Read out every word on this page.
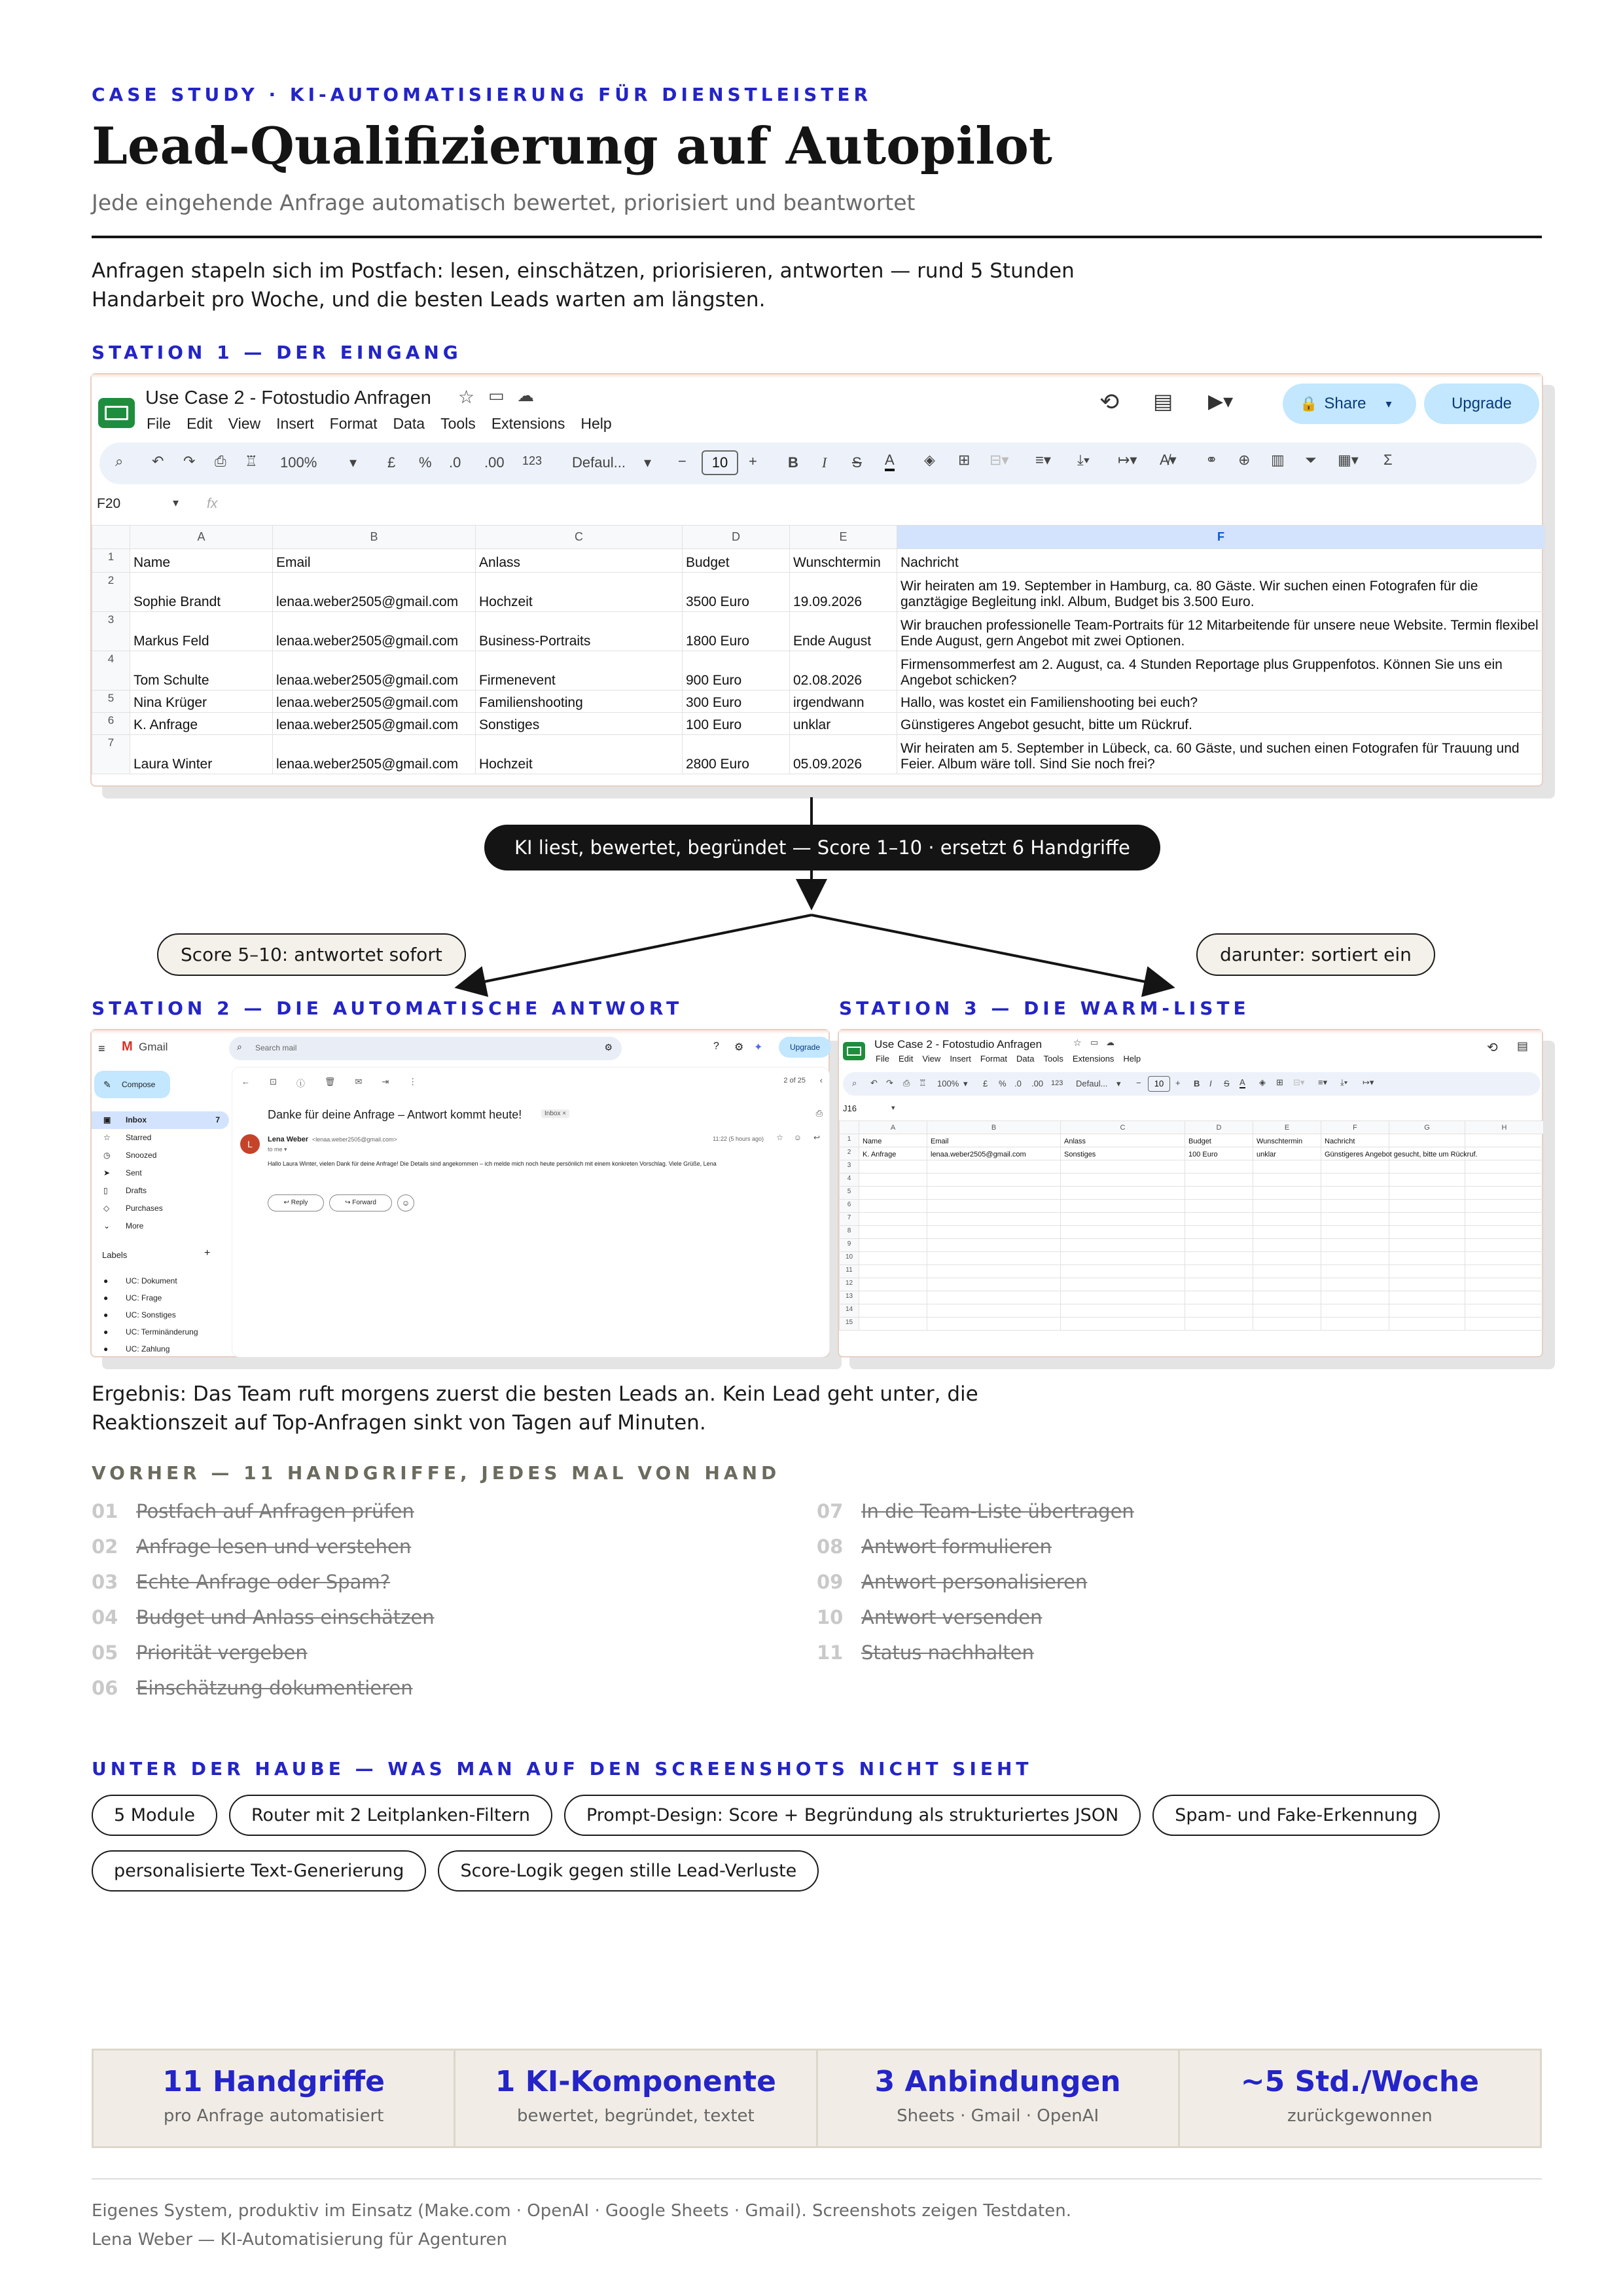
CASE STUDY · KI-AUTOMATISIERUNG FÜR DIENSTLEISTER
Lead-Qualifizierung auf Autopilot
Jede eingehende Anfrage automatisch bewertet, priorisiert und beantwortet
Anfragen stapeln sich im Postfach: lesen, einschätzen, priorisieren, antworten — rund 5 Stunden
Handarbeit pro Woche, und die besten Leads warten am längsten.
STATION 1 — DER EINGANG
Use Case 2 - Fotostudio Anfragen
File Edit View Insert Format Data Tools Extensions Help
☆ ▭ ☁	⟲ ▤ ▶▾	🔒 Share ▾	Upgrade
⌕ ↶ ↷ ⎙ ♖ 100% ▾ £ % .0 .00 123 Defaul... ▾ −	10	+ B I S A ◈ ⊞ ⊟▾ ≡▾ ⤓▾ ↦▾ A̸▾ ⚭ ⊕ ▥ ⏷ ▦▾ Σ
F20	▾ fx
	A	B	C	D	E	F
1	Name	Email	Anlass	Budget	Wunschtermin	Nachricht
2	Sophie Brandt	lenaa.weber2505@gmail.com	Hochzeit	3500 Euro	19.09.2026	Wir heiraten am 19. September in Hamburg, ca. 80 Gäste. Wir suchen einen Fotografen für die ganztägige Begleitung inkl. Album, Budget bis 3.500 Euro.
3	Markus Feld	lenaa.weber2505@gmail.com	Business-Portraits	1800 Euro	Ende August	Wir brauchen professionelle Team-Portraits für 12 Mitarbeitende für unsere neue Website. Termin flexibel Ende August, gern Angebot mit zwei Optionen.
4	Tom Schulte	lenaa.weber2505@gmail.com	Firmenevent	900 Euro	02.08.2026	Firmensommerfest am 2. August, ca. 4 Stunden Reportage plus Gruppenfotos. Können Sie uns ein Angebot schicken?
5	Nina Krüger	lenaa.weber2505@gmail.com	Familienshooting	300 Euro	irgendwann	Hallo, was kostet ein Familienshooting bei euch?
6	K. Anfrage	lenaa.weber2505@gmail.com	Sonstiges	100 Euro	unklar	Günstigeres Angebot gesucht, bitte um Rückruf.
7	Laura Winter	lenaa.weber2505@gmail.com	Hochzeit	2800 Euro	05.09.2026	Wir heiraten am 5. September in Lübeck, ca. 60 Gäste, und suchen einen Fotografen für Trauung und Feier. Album wäre toll. Sind Sie noch frei?
KI liest, bewertet, begründet — Score 1–10 · ersetzt 6 Handgriffe
Score 5–10: antwortet sofort	darunter: sortiert ein
STATION 2 — DIE AUTOMATISCHE ANTWORT	STATION 3 — DIE WARM-LISTE
≡ M Gmail	⌕ Search mail	⚙	? ⚙ ✦	Upgrade
✎ Compose
▣ Inbox	7
☆ Starred
◷ Snoozed
➤ Sent
▯ Drafts
◇ Purchases
⌄ More
Labels	+
● UC: Dokument
● UC: Frage
● UC: Sonstiges
● UC: Terminänderung
● UC: Zahlung
← ⊡ ⓘ 🗑 ✉ ⇥ ⋮	2 of 25 ‹
Danke für deine Anfrage – Antwort kommt heute!	Inbox ×	⎙
L	Lena Weber <lenaa.weber2505@gmail.com>
to me ▾
11:22 (5 hours ago) ☆ ☺ ↩
Hallo Laura Winter, vielen Dank für deine Anfrage! Die Details sind angekommen – ich melde mich noch heute persönlich mit einem konkreten Vorschlag. Viele Grüße, Lena
↩ Reply	↪ Forward	☺
Use Case 2 - Fotostudio Anfragen	☆ ▭ ☁
File Edit View Insert Format Data Tools Extensions Help
⟲ ▤
⌕ ↶ ↷ ⎙ ♖ 100% ▾ £ % .0 .00 123 Defaul... ▾ −	10	+ B I S A ◈ ⊞ ⊟▾ ≡▾ ⤓▾ ↦▾
J16	▾
	A	B	C	D	E	F	G	H
1	Name	Email	Anlass	Budget	Wunschtermin	Nachricht		
2	K. Anfrage	lenaa.weber2505@gmail.com	Sonstiges	100 Euro	unklar	Günstigeres Angebot gesucht, bitte um Rückruf.		
3								
4								
5								
6								
7								
8								
9								
10								
11								
12								
13								
14								
15								
Ergebnis: Das Team ruft morgens zuerst die besten Leads an. Kein Lead geht unter, die
Reaktionszeit auf Top-Anfragen sinkt von Tagen auf Minuten.
VORHER — 11 HANDGRIFFE, JEDES MAL VON HAND
01 Postfach auf Anfragen prüfen
02 Anfrage lesen und verstehen
03 Echte Anfrage oder Spam?
04 Budget und Anlass einschätzen
05 Priorität vergeben
06 Einschätzung dokumentieren
07 In die Team-Liste übertragen
08 Antwort formulieren
09 Antwort personalisieren
10 Antwort versenden
11 Status nachhalten
UNTER DER HAUBE — WAS MAN AUF DEN SCREENSHOTS NICHT SIEHT
5 Module	Router mit 2 Leitplanken-Filtern	Prompt-Design: Score + Begründung als strukturiertes JSON	Spam- und Fake-Erkennung
personalisierte Text-Generierung	Score-Logik gegen stille Lead-Verluste
11 Handgriffe
pro Anfrage automatisiert
1 KI-Komponente
bewertet, begründet, textet
3 Anbindungen
Sheets · Gmail · OpenAI
~5 Std./Woche
zurückgewonnen
Eigenes System, produktiv im Einsatz (Make.com · OpenAI · Google Sheets · Gmail). Screenshots zeigen Testdaten.
Lena Weber — KI-Automatisierung für Agenturen
